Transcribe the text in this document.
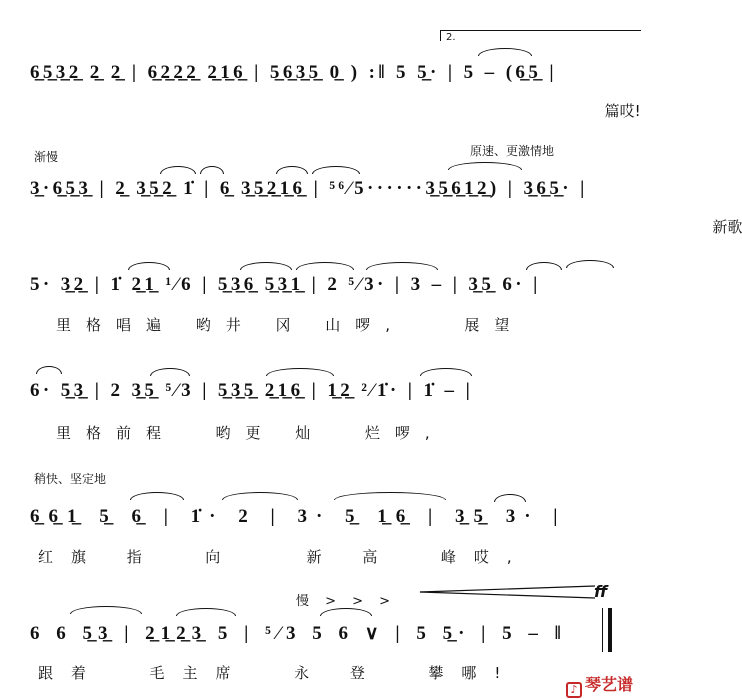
2.
6̲5̲3̲2̲ 2̲ 2̲ | 6̲2̲2̲2̲ 2̲1̲6̲ | 5̲6̲3̲5̲ 0̲ ) :‖ 5 5̲· | 5 – (6̲5̲ |
篇哎!
渐慢	原速、更激情地
3̲·6̲5̲3̲ | 2̲ 3̲5̲2̲ 1̇ | 6̲ 3̲5̲2̲1̲6̲ | ⁵⁶⁄5······3̲5̲6̲1̲2̲) | 3̲6̲5̲· |
新歌
5· 3̲2̲ | 1̇ 2̲1̲ ¹⁄6 | 5̲3̲6̲ 5̲3̲1̲ | 2 ⁵⁄3· | 3 – | 3̲5̲ 6· |
里格唱遍 哟井 冈 山啰,   展望
6· 5̲3̲ | 2 3̲5̲ ⁵⁄3 | 5̲3̲5̲ 2̲1̲6̲ | 1̲2̲ ²⁄1̇· | 1̇ – |
里格前程  哟更 灿  烂啰,
稍快、坚定地
6̲6̲1̲ 5̲ 6̲ | 1̇· 2 | 3· 5̲ 1̲6̲ | 3̲5̲ 3· |
红旗 指  向   新 高  峰哎,
慢 > > >
6 6 5̲3̲ | 2̲1̲2̲3̲ 5 | ⁵⁄3 5 6 ∨ | 5 5̲· | 5 – ‖
跟着  毛主席  永 登  攀哪!
ff
♪ 琴艺谱
